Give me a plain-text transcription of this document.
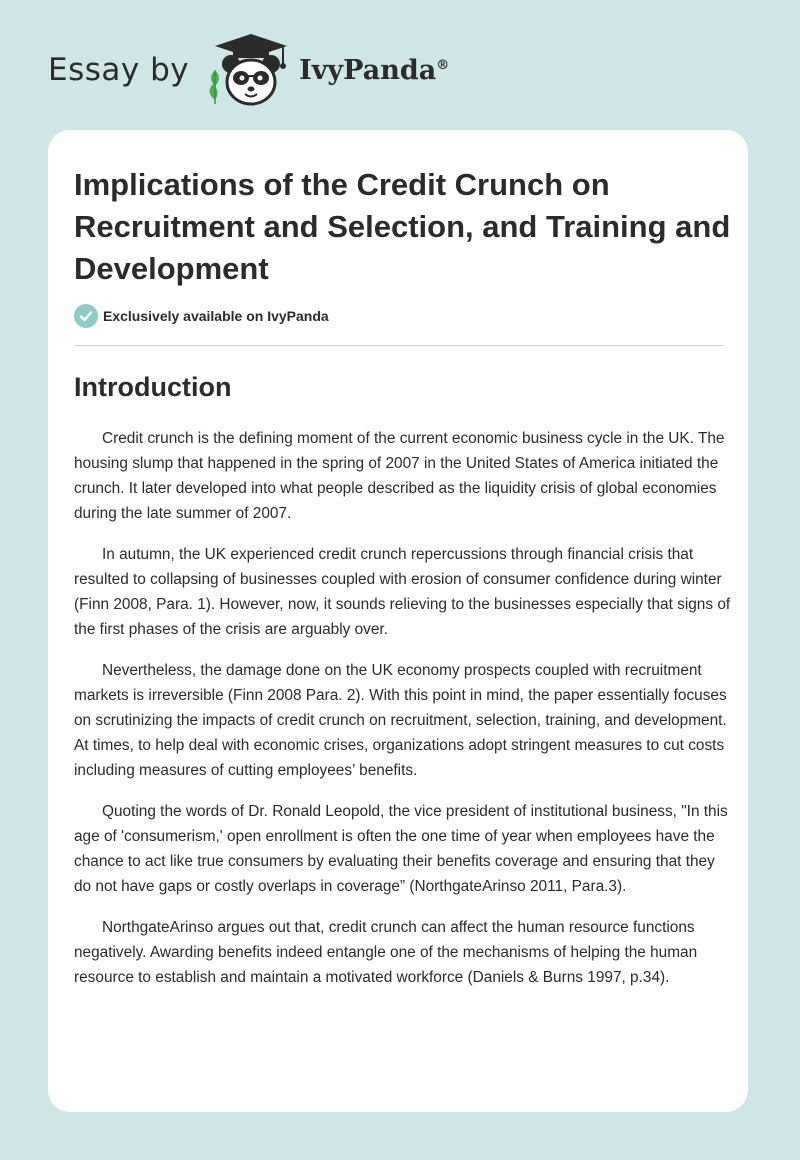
Essay by	IvyPanda®
Implications of the Credit Crunch on Recruitment and Selection, and Training and Development
Exclusively available on IvyPanda
Introduction

Credit crunch is the defining moment of the current economic business cycle in the UK. The housing slump that happened in the spring of 2007 in the United States of America initiated the crunch. It later developed into what people described as the liquidity crisis of global economies during the late summer of 2007.

In autumn, the UK experienced credit crunch repercussions through financial crisis that resulted to collapsing of businesses coupled with erosion of consumer confidence during winter (Finn 2008, Para. 1). However, now, it sounds relieving to the businesses especially that signs of the first phases of the crisis are arguably over.

Nevertheless, the damage done on the UK economy prospects coupled with recruitment markets is irreversible (Finn 2008 Para. 2). With this point in mind, the paper essentially focuses on scrutinizing the impacts of credit crunch on recruitment, selection, training, and development. At times, to help deal with economic crises, organizations adopt stringent measures to cut costs including measures of cutting employees’ benefits.

Quoting the words of Dr. Ronald Leopold, the vice president of institutional business, "In this age of 'consumerism,' open enrollment is often the one time of year when employees have the chance to act like true consumers by evaluating their benefits coverage and ensuring that they do not have gaps or costly overlaps in coverage” (NorthgateArinso 2011, Para.3).

NorthgateArinso argues out that, credit crunch can affect the human resource functions negatively. Awarding benefits indeed entangle one of the mechanisms of helping the human resource to establish and maintain a motivated workforce (Daniels & Burns 1997, p.34).
